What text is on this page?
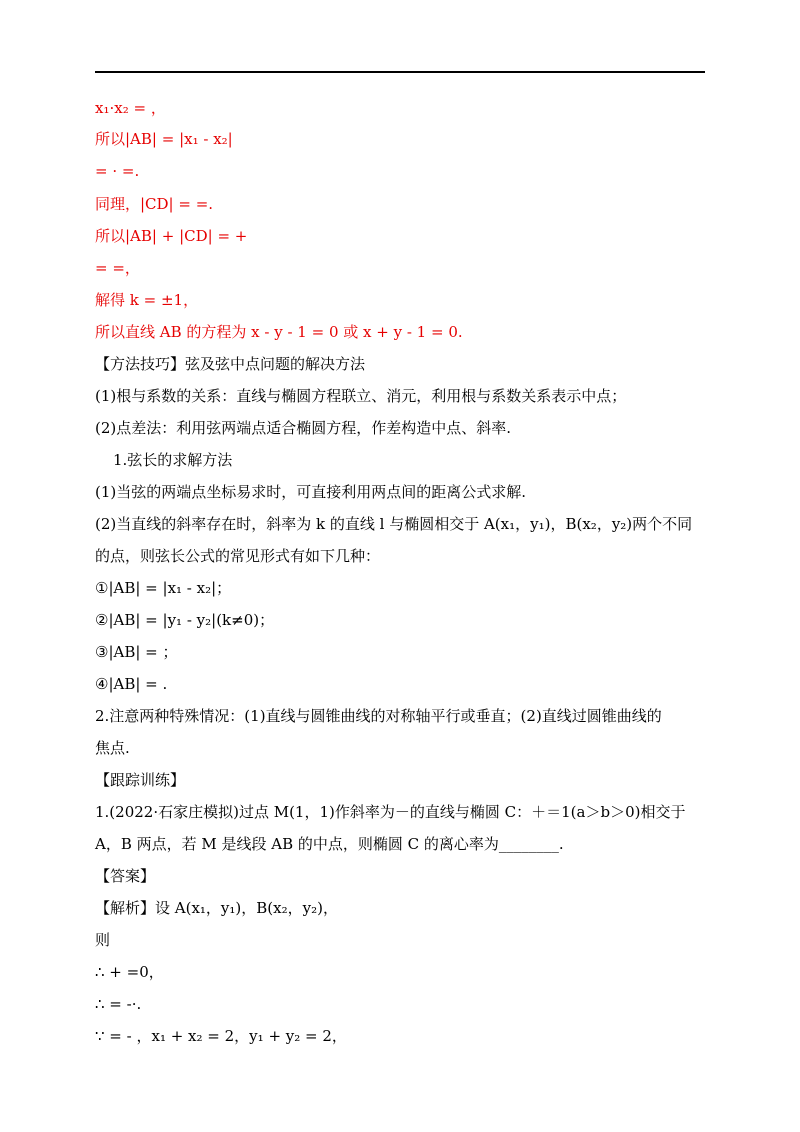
x₁·x₂ = ，
所以|AB| = |x₁ - x₂|
= · =.
同理，|CD| = =.
所以|AB| + |CD| = +
= =，
解得 k = ±1，
所以直线 AB 的方程为 x - y - 1 = 0 或 x + y - 1 = 0.
【方法技巧】弦及弦中点问题的解决方法
(1)根与系数的关系：直线与椭圆方程联立、消元，利用根与系数关系表示中点；
(2)点差法：利用弦两端点适合椭圆方程，作差构造中点、斜率.
1.弦长的求解方法
(1)当弦的两端点坐标易求时，可直接利用两点间的距离公式求解.
(2)当直线的斜率存在时，斜率为 k 的直线 l 与椭圆相交于 A(x₁，y₁)，B(x₂，y₂)两个不同
的点，则弦长公式的常见形式有如下几种：
①|AB| = |x₁ - x₂|；
②|AB| = |y₁ - y₂|(k≠0)；
③|AB| = ；
④|AB| = .
2.注意两种特殊情况：(1)直线与圆锥曲线的对称轴平行或垂直；(2)直线过圆锥曲线的
焦点.
【跟踪训练】
1.(2022·石家庄模拟)过点 M(1，1)作斜率为－的直线与椭圆 C：＋＝1(a＞b＞0)相交于
A，B 两点，若 M 是线段 AB 的中点，则椭圆 C 的离心率为________.
【答案】
【解析】设 A(x₁，y₁)，B(x₂，y₂)，
则
∴ + =0，
∴ = -·.
∵ = - ，x₁ + x₂ = 2，y₁ + y₂ = 2，
